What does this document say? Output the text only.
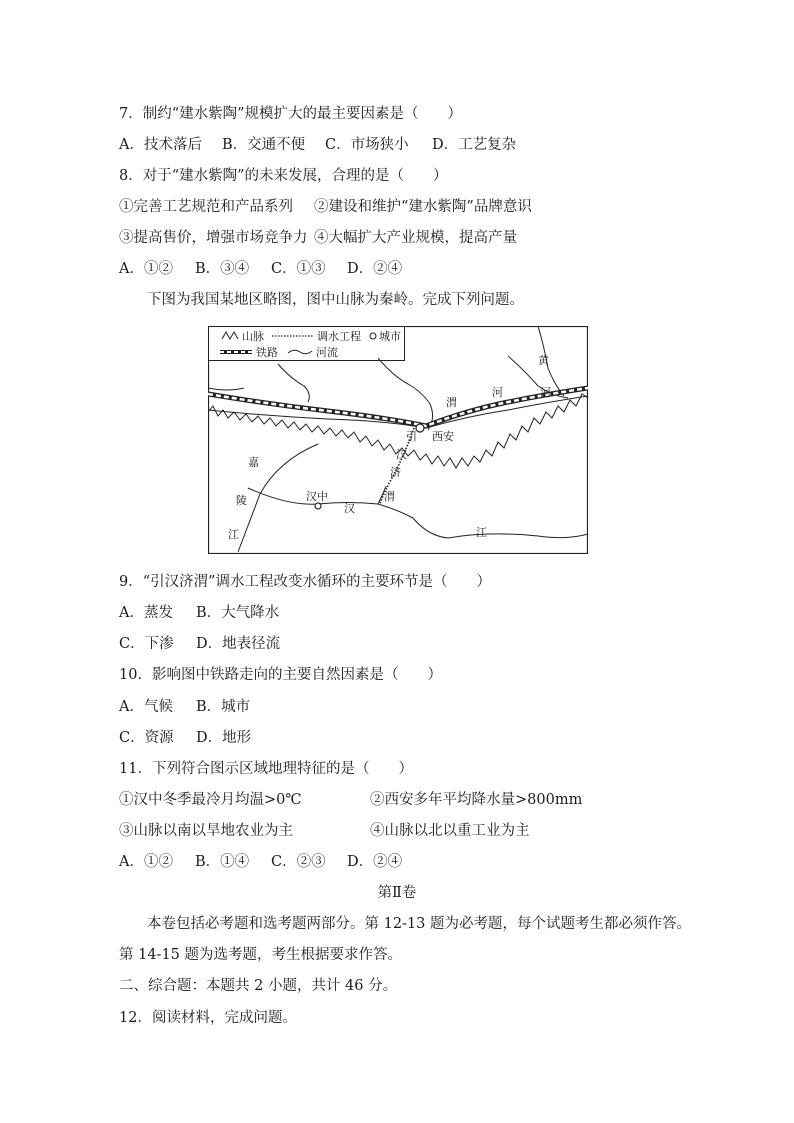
7．制约“建水紫陶”规模扩大的最主要因素是（　　）
A．技术落后 B．交通不便 C．市场狭小 D．工艺复杂
8．对于“建水紫陶”的未来发展，合理的是（　　）
①完善工艺规范和产品系列 ②建设和维护“建水紫陶”品牌意识
③提高售价，增强市场竞争力 ④大幅扩大产业规模，提高产量
A．①② B．③④ C．①③ D．②④
下图为我国某地区略图，图中山脉为秦岭。完成下列问题。
山脉	调水工程 城市
铁路	河流
黄
河
河
渭
西安
引
汉
济
渭
汉中
汉
嘉
陵
江	江
9．“引汉济渭”调水工程改变水循环的主要环节是（　　）
A．蒸发 B．大气降水
C．下渗 D．地表径流
10．影响图中铁路走向的主要自然因素是（　　）
A．气候 B．城市
C．资源 D．地形
11．下列符合图示区域地理特征的是（　　）
①汉中冬季最冷月均温>0℃	②西安多年平均降水量>800mm
③山脉以南以旱地农业为主	④山脉以北以重工业为主
A．①② B．①④ C．②③ D．②④
第Ⅱ卷
本卷包括必考题和选考题两部分。第 12-13 题为必考题，每个试题考生都必须作答。
第 14-15 题为选考题，考生根据要求作答。
二、综合题：本题共 2 小题，共计 46 分。
12．阅读材料，完成问题。
